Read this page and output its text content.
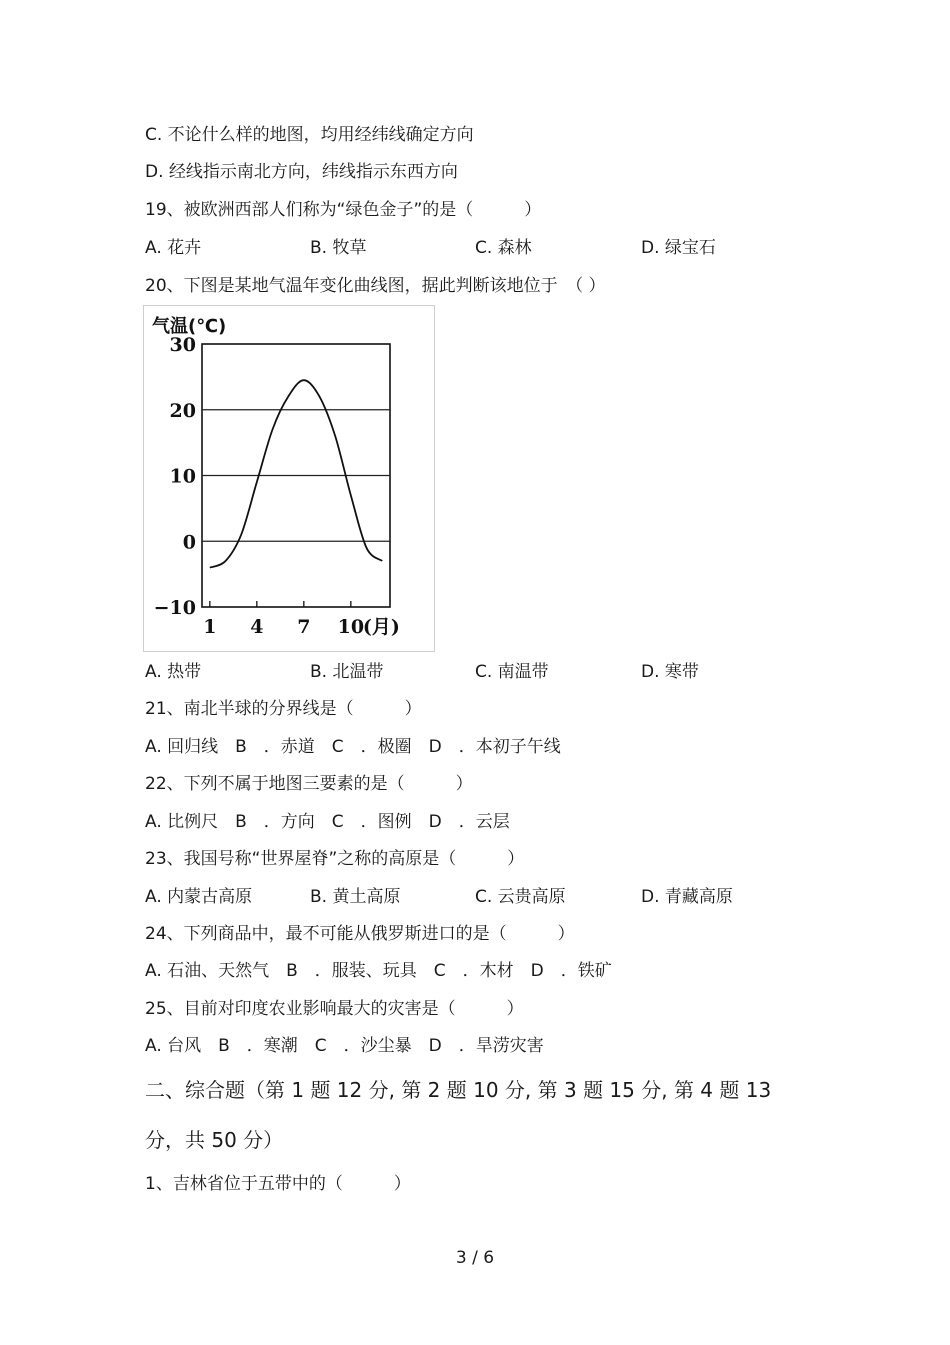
C. 不论什么样的地图，均用经纬线确定方向
D. 经线指示南北方向，纬线指示东西方向
19、被欧洲西部人们称为“绿色金子”的是（　　　）
A. 花卉	B. 牧草	C. 森林	D. 绿宝石
20、下图是某地气温年变化曲线图，据此判断该地位于　（ ）
气温(℃)
30
20
10
0
−10
1 4 7 10
(月)
A. 热带	B. 北温带	C. 南温带	D. 寒带
21、南北半球的分界线是（　　　）
A. 回归线　B　．赤道　C　．极圈　D　．本初子午线
22、下列不属于地图三要素的是（　　　）
A. 比例尺　B　．方向　C　．图例　D　．云层
23、我国号称“世界屋脊”之称的高原是（　　　）
A. 内蒙古高原	B. 黄土高原	C. 云贵高原	D. 青藏高原
24、下列商品中，最不可能从俄罗斯进口的是（　　　）
A. 石油、天然气　B　．服装、玩具　C　．木材　D　．铁矿
25、目前对印度农业影响最大的灾害是（　　　）
A. 台风　B　．寒潮　C　．沙尘暴　D　．旱涝灾害
二、综合题（第 1 题 12 分, 第 2 题 10 分, 第 3 题 15 分, 第 4 题 13
分，共 50 分）
1、吉林省位于五带中的（　　　）
3 / 6
